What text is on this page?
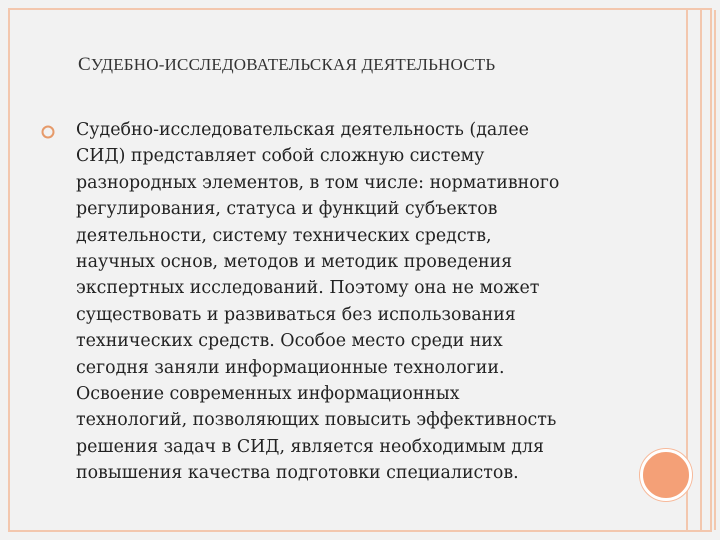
СУДЕБНО-ИССЛЕДОВАТЕЛЬСКАЯ ДЕЯТЕЛЬНОСТЬ

Судебно-исследовательская деятельность (далее
СИД) представляет собой сложную систему
разнородных элементов, в том числе: нормативного
регулирования, статуса и функций субъектов
деятельности, систему технических средств,
научных основ, методов и методик проведения
экспертных исследований. Поэтому она не может
существовать и развиваться без использования
технических средств. Особое место среди них
сегодня заняли информационные технологии.
Освоение современных информационных
технологий, позволяющих повысить эффективность
решения задач в СИД, является необходимым для
повышения качества подготовки специалистов.
